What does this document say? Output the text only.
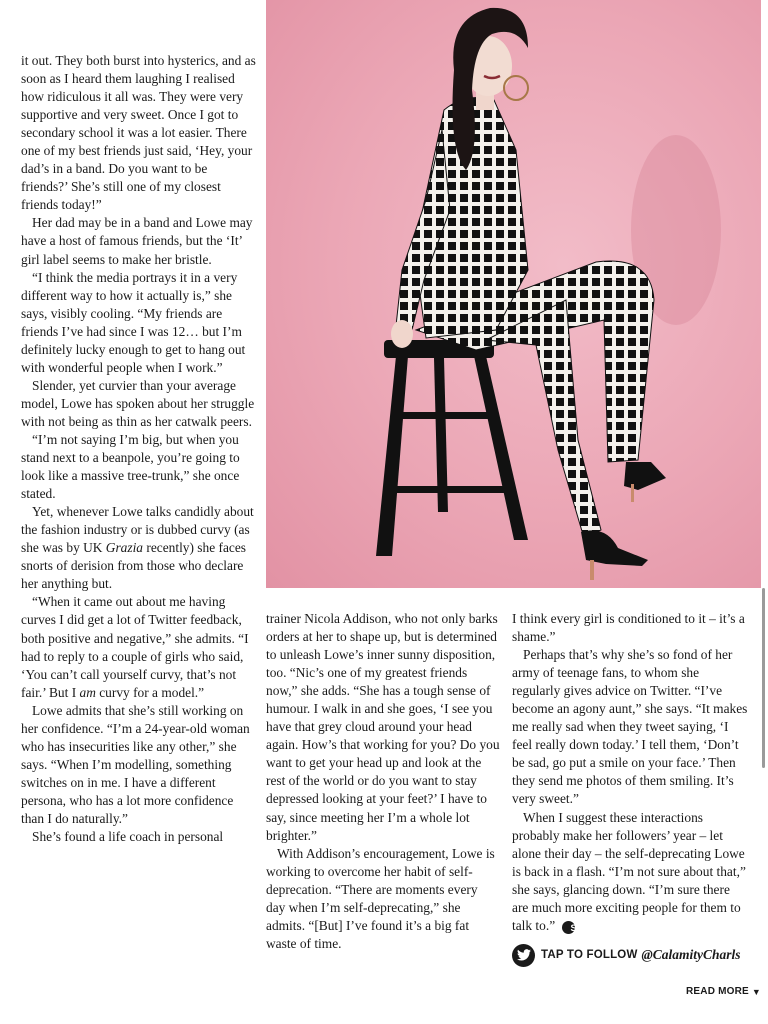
it out. They both burst into hysterics, and as soon as I heard them laughing I realised how ridiculous it all was. They were very supportive and very sweet. Once I got to secondary school it was a lot easier. There one of my best friends just said, ‘Hey, your dad’s in a band. Do you want to be friends?’ She’s still one of my closest friends today!”

Her dad may be in a band and Lowe may have a host of famous friends, but the ‘It’ girl label seems to make her bristle.

“I think the media portrays it in a very different way to how it actually is,” she says, visibly cooling. “My friends are friends I’ve had since I was 12… but I’m definitely lucky enough to get to hang out with wonderful people when I work.”

Slender, yet curvier than your average model, Lowe has spoken about her struggle with not being as thin as her catwalk peers.

“I’m not saying I’m big, but when you stand next to a beanpole, you’re going to look like a massive tree-trunk,” she once stated.

Yet, whenever Lowe talks candidly about the fashion industry or is dubbed curvy (as she was by UK Grazia recently) she faces snorts of derision from those who declare her anything but.

“When it came out about me having curves I did get a lot of Twitter feedback, both positive and negative,” she admits. “I had to reply to a couple of girls who said, ‘You can’t call yourself curvy, that’s not fair.’ But I am curvy for a model.”

Lowe admits that she’s still working on her confidence. “I’m a 24-year-old woman who has insecurities like any other,” she says. “When I’m modelling, something switches on in me. I have a different persona, who has a lot more confidence than I do naturally.”

She’s found a life coach in personal

trainer Nicola Addison, who not only barks orders at her to shape up, but is determined to unleash Lowe’s inner sunny disposition, too. “Nic’s one of my greatest friends now,” she adds. “She has a tough sense of humour. I walk in and she goes, ‘I see you have that grey cloud around your head again. How’s that working for you? Do you want to get your head up and look at the rest of the world or do you want to stay depressed looking at your feet?’ I have to say, since meeting her I’m a whole lot brighter.”

With Addison’s encouragement, Lowe is working to overcome her habit of self-deprecation. “There are moments every day when I’m self-deprecating,” she admits. “[But] I’ve found it’s a big fat waste of time.

I think every girl is conditioned to it – it’s a shame.”

Perhaps that’s why she’s so fond of her army of teenage fans, to whom she regularly gives advice on Twitter. “I’ve become an agony aunt,” she says. “It makes me really sad when they tweet saying, ‘I feel really down today.’ I tell them, ‘Don’t be sad, go put a smile on your face.’ Then they send me photos of them smiling. It’s very sweet.”

When I suggest these interactions probably make her followers’ year – let alone their day – the self-deprecating Lowe is back in a flash. “I’m not sure about that,” she says, glancing down. “I’m sure there are much more exciting people for them to talk to.” S

TAP TO FOLLOW @CalamityCharls
READ MORE ▼
